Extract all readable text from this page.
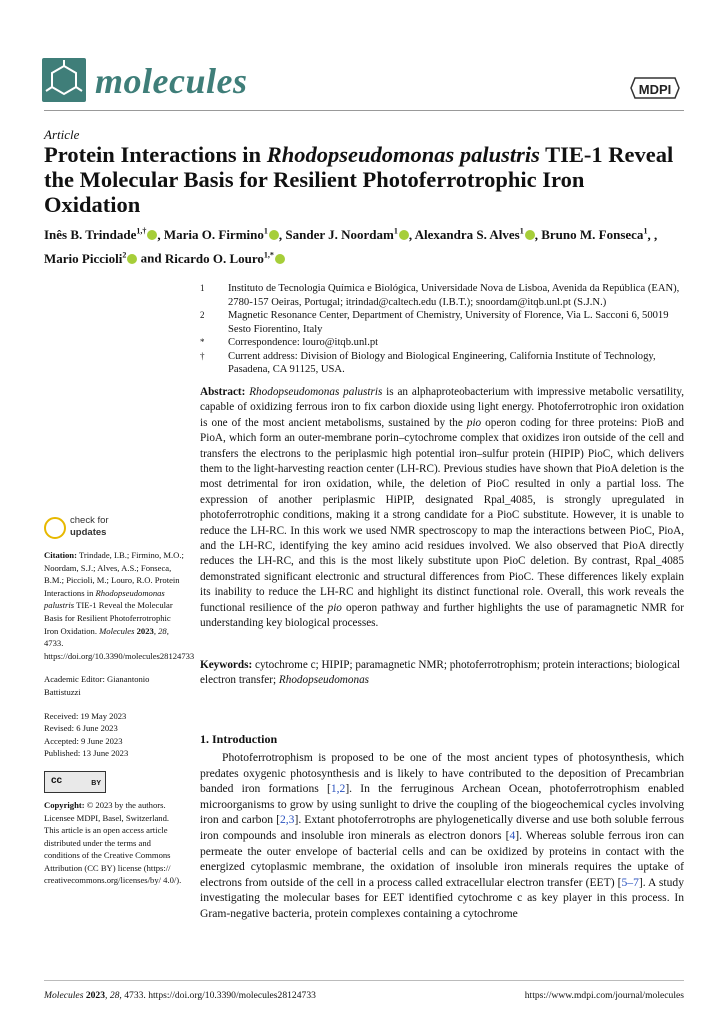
molecules	MDPI
Article
Protein Interactions in Rhodopseudomonas palustris TIE-1 Reveal the Molecular Basis for Resilient Photoferrotrophic Iron Oxidation
Inês B. Trindade$^{1,\dagger}$ , Maria O. Firmino$^1$ , Sander J. Noordam$^1$ , Alexandra S. Alves$^1$ , Bruno M. Fonseca$^1$, , Mario Piccioli$^2$ and Ricardo O. Louro$^{1,*}$
1 Instituto de Tecnologia Química e Biológica, Universidade Nova de Lisboa, Avenida da República (EAN), 2780-157 Oeiras, Portugal; itrindad@caltech.edu (I.B.T.); snoordam@itqb.unl.pt (S.J.N.)
2 Magnetic Resonance Center, Department of Chemistry, University of Florence, Via L. Sacconi 6, 50019 Sesto Fiorentino, Italy
* Correspondence: louro@itqb.unl.pt
† Current address: Division of Biology and Biological Engineering, California Institute of Technology, Pasadena, CA 91125, USA.
Abstract: Rhodopseudomonas palustris is an alphaproteobacterium with impressive metabolic versatility, capable of oxidizing ferrous iron to fix carbon dioxide using light energy. Photoferrotrophic iron oxidation is one of the most ancient metabolisms, sustained by the pio operon coding for three proteins: PioB and PioA, which form an outer-membrane porin–cytochrome complex that oxidizes iron outside of the cell and transfers the electrons to the periplasmic high potential iron–sulfur protein (HIPIP) PioC, which delivers them to the light-harvesting reaction center (LH-RC). Previous studies have shown that PioA deletion is the most detrimental for iron oxidation, while, the deletion of PioC resulted in only a partial loss. The expression of another periplasmic HiPIP, designated Rpal_4085, is strongly upregulated in photoferrotrophic conditions, making it a strong candidate for a PioC substitute. However, it is unable to reduce the LH-RC. In this work we used NMR spectroscopy to map the interactions between PioC, PioA, and the LH-RC, identifying the key amino acid residues involved. We also observed that PioA directly reduces the LH-RC, and this is the most likely substitute upon PioC deletion. By contrast, Rpal_4085 demonstrated significant electronic and structural differences from PioC. These differences likely explain its inability to reduce the LH-RC and highlight its distinct functional role. Overall, this work reveals the functional resilience of the pio operon pathway and further highlights the use of paramagnetic NMR for understanding key biological processes.
Keywords: cytochrome c; HIPIP; paramagnetic NMR; photoferrotrophism; protein interactions; biological electron transfer; Rhodopseudomonas
check for
updates
Citation: Trindade, I.B.; Firmino, M.O.; Noordam, S.J.; Alves, A.S.; Fonseca, B.M.; Piccioli, M.; Louro, R.O. Protein Interactions in Rhodopseudomonas palustris TIE-1 Reveal the Molecular Basis for Resilient Photoferrotrophic Iron Oxidation. Molecules 2023, 28, 4733. https://doi.org/10.3390/molecules28124733
Academic Editor: Gianantonio Battistuzzi
Received: 19 May 2023
Revised: 6 June 2023
Accepted: 9 June 2023
Published: 13 June 2023
cc	BY
Copyright: © 2023 by the authors. Licensee MDPI, Basel, Switzerland. This article is an open access article distributed under the terms and conditions of the Creative Commons Attribution (CC BY) license (https:// creativecommons.org/licenses/by/ 4.0/).
1. Introduction
Photoferrotrophism is proposed to be one of the most ancient types of photosynthesis, which predates oxygenic photosynthesis and is likely to have contributed to the deposition of Precambrian banded iron formations [1,2]. In the ferruginous Archean Ocean, photoferrotrophism enabled microorganisms to grow by using sunlight to drive the coupling of the biogeochemical cycles involving iron and carbon [2,3]. Extant photoferrotrophs are phylogenetically diverse and use both soluble ferrous iron compounds and insoluble iron minerals as electron donors [4]. Whereas soluble ferrous iron can permeate the outer envelope of bacterial cells and can be oxidized by proteins in contact with the energized cytoplasmic membrane, the oxidation of insoluble iron minerals requires the uptake of electrons from outside of the cell in a process called extracellular electron transfer (EET) [5–7]. A study investigating the molecular bases for EET identified cytochrome c as key player in this process. In Gram-negative bacteria, protein complexes containing a cytochrome
Molecules 2023, 28, 4733. https://doi.org/10.3390/molecules28124733	https://www.mdpi.com/journal/molecules
